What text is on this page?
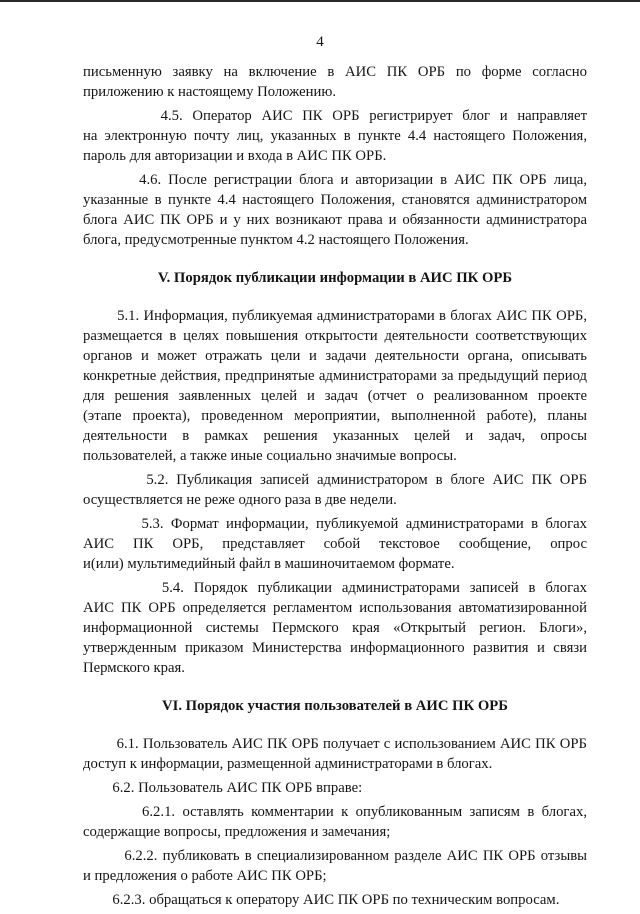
4
письменную заявку на включение в АИС ПК ОРБ по форме согласно
приложению к настоящему Положению.
4.5. Оператор АИС ПК ОРБ регистрирует блог и направляет
на электронную почту лиц, указанных в пункте 4.4 настоящего Положения,
пароль для авторизации и входа в АИС ПК ОРБ.
4.6. После регистрации блога и авторизации в АИС ПК ОРБ лица,
указанные в пункте 4.4 настоящего Положения, становятся администратором
блога АИС ПК ОРБ и у них возникают права и обязанности администратора
блога, предусмотренные пунктом 4.2 настоящего Положения.
V. Порядок публикации информации в АИС ПК ОРБ
5.1. Информация, публикуемая администраторами в блогах АИС ПК ОРБ,
размещается в целях повышения открытости деятельности соответствующих
органов и может отражать цели и задачи деятельности органа, описывать
конкретные действия, предпринятые администраторами за предыдущий период
для решения заявленных целей и задач (отчет о реализованном проекте
(этапе проекта), проведенном мероприятии, выполненной работе), планы
деятельности в рамках решения указанных целей и задач, опросы
пользователей, а также иные социально значимые вопросы.
5.2. Публикация записей администратором в блоге АИС ПК ОРБ
осуществляется не реже одного раза в две недели.
5.3. Формат информации, публикуемой администраторами в блогах
АИС ПК ОРБ, представляет собой текстовое сообщение, опрос
и(или) мультимедийный файл в машиночитаемом формате.
5.4. Порядок публикации администраторами записей в блогах
АИС ПК ОРБ определяется регламентом использования автоматизированной
информационной системы Пермского края «Открытый регион. Блоги»,
утвержденным приказом Министерства информационного развития и связи
Пермского края.
VI. Порядок участия пользователей в АИС ПК ОРБ
6.1. Пользователь АИС ПК ОРБ получает с использованием АИС ПК ОРБ
доступ к информации, размещенной администраторами в блогах.
6.2. Пользователь АИС ПК ОРБ вправе:
6.2.1. оставлять комментарии к опубликованным записям в блогах,
содержащие вопросы, предложения и замечания;
6.2.2. публиковать в специализированном разделе АИС ПК ОРБ отзывы
и предложения о работе АИС ПК ОРБ;
6.2.3. обращаться к оператору АИС ПК ОРБ по техническим вопросам.
